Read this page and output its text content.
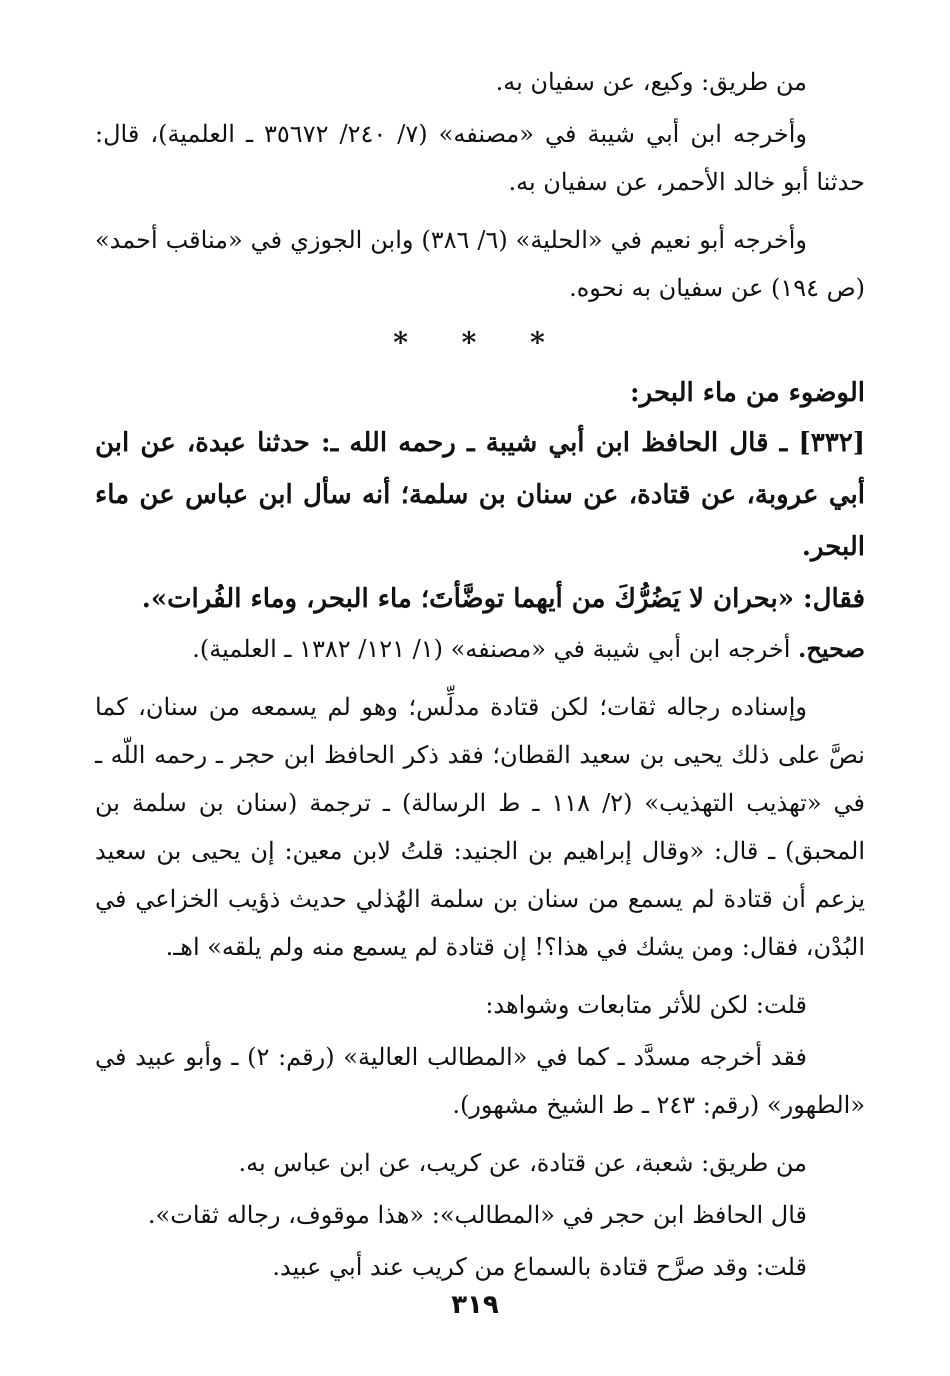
من طريق: وكيع، عن سفيان به.

وأخرجه ابن أبي شيبة في «مصنفه» (٧/ ٢٤٠/ ٣٥٦٧٢ ـ العلمية)، قال: حدثنا أبو خالد الأحمر، عن سفيان به.

وأخرجه أبو نعيم في «الحلية» (٦/ ٣٨٦) وابن الجوزي في «مناقب أحمد» (ص ١٩٤) عن سفيان به نحوه.

* * *
الوضوء من ماء البحر:

[٣٣٢] ـ قال الحافظ ابن أبي شيبة ـ رحمه الله ـ: حدثنا عبدة، عن ابن أبي عروبة، عن قتادة، عن سنان بن سلمة؛ أنه سأل ابن عباس عن ماء البحر.

فقال: «بحران لا يَضُرُّكَ من أيهما توضَّأتَ؛ ماء البحر، وماء الفُرات».

صحيح. أخرجه ابن أبي شيبة في «مصنفه» (١/ ١٢١/ ١٣٨٢ ـ العلمية).

وإسناده رجاله ثقات؛ لكن قتادة مدلِّس؛ وهو لم يسمعه من سنان، كما نصَّ على ذلك يحيى بن سعيد القطان؛ فقد ذكر الحافظ ابن حجر ـ رحمه اللّه ـ في «تهذيب التهذيب» (٢/ ١١٨ ـ ط الرسالة) ـ ترجمة (سنان بن سلمة بن المحبق) ـ قال: «وقال إبراهيم بن الجنيد: قلتُ لابن معين: إن يحيى بن سعيد يزعم أن قتادة لم يسمع من سنان بن سلمة الهُذلي حديث ذؤيب الخزاعي في البُدْن، فقال: ومن يشك في هذا؟! إن قتادة لم يسمع منه ولم يلقه» اهـ.

قلت: لكن للأثر متابعات وشواهد:

فقد أخرجه مسدَّد ـ كما في «المطالب العالية» (رقم: ٢) ـ وأبو عبيد في «الطهور» (رقم: ٢٤٣ ـ ط الشيخ مشهور).

من طريق: شعبة، عن قتادة، عن كريب، عن ابن عباس به.

قال الحافظ ابن حجر في «المطالب»: «هذا موقوف، رجاله ثقات».

قلت: وقد صرَّح قتادة بالسماع من كريب عند أبي عبيد.

٣١٩
